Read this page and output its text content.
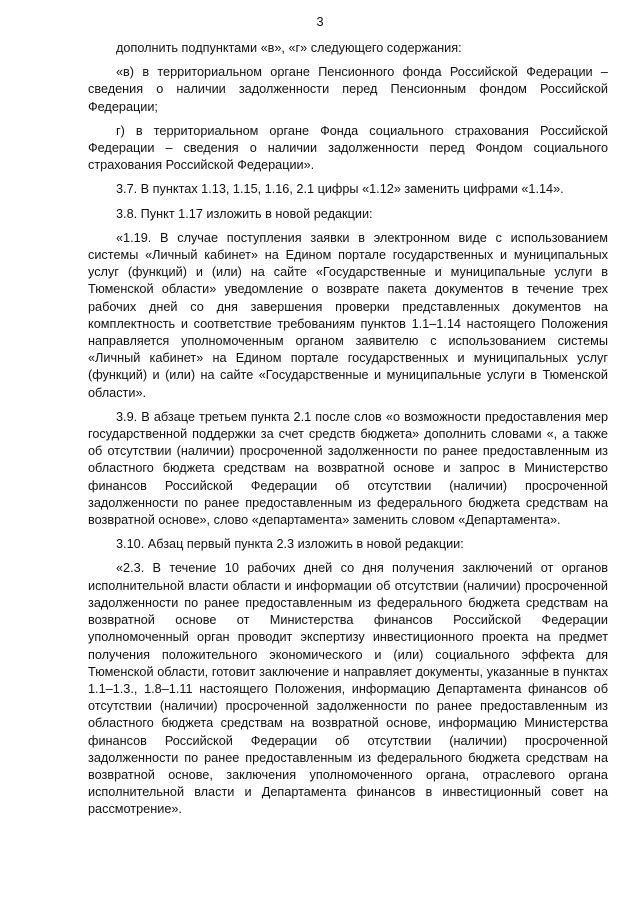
3

дополнить подпунктами «в», «г» следующего содержания:

«в) в территориальном органе Пенсионного фонда Российской Федерации – сведения о наличии задолженности перед Пенсионным фондом Российской Федерации;

г) в территориальном органе Фонда социального страхования Российской Федерации – сведения о наличии задолженности перед Фондом социального страхования Российской Федерации».

3.7. В пунктах 1.13, 1.15, 1.16, 2.1 цифры «1.12» заменить цифрами «1.14».

3.8. Пункт 1.17 изложить в новой редакции:

«1.19. В случае поступления заявки в электронном виде с использованием системы «Личный кабинет» на Едином портале государственных и муниципальных услуг (функций) и (или) на сайте «Государственные и муниципальные услуги в Тюменской области» уведомление о возврате пакета документов в течение трех рабочих дней со дня завершения проверки представленных документов на комплектность и соответствие требованиям пунктов 1.1–1.14 настоящего Положения направляется уполномоченным органом заявителю с использованием системы «Личный кабинет» на Едином портале государственных и муниципальных услуг (функций) и (или) на сайте «Государственные и муниципальные услуги в Тюменской области».

3.9. В абзаце третьем пункта 2.1 после слов «о возможности предоставления мер государственной поддержки за счет средств бюджета» дополнить словами «, а также об отсутствии (наличии) просроченной задолженности по ранее предоставленным из областного бюджета средствам на возвратной основе и запрос в Министерство финансов Российской Федерации об отсутствии (наличии) просроченной задолженности по ранее предоставленным из федерального бюджета средствам на возвратной основе», слово «департамента» заменить словом «Департамента».

3.10. Абзац первый пункта 2.3 изложить в новой редакции:

«2.3. В течение 10 рабочих дней со дня получения заключений от органов исполнительной власти области и информации об отсутствии (наличии) просроченной задолженности по ранее предоставленным из федерального бюджета средствам на возвратной основе от Министерства финансов Российской Федерации уполномоченный орган проводит экспертизу инвестиционного проекта на предмет получения положительного экономического и (или) социального эффекта для Тюменской области, готовит заключение и направляет документы, указанные в пунктах 1.1–1.3., 1.8–1.11 настоящего Положения, информацию Департамента финансов об отсутствии (наличии) просроченной задолженности по ранее предоставленным из областного бюджета средствам на возвратной основе, информацию Министерства финансов Российской Федерации об отсутствии (наличии) просроченной задолженности по ранее предоставленным из федерального бюджета средствам на возвратной основе, заключения уполномоченного органа, отраслевого органа исполнительной власти и Департамента финансов в инвестиционный совет на рассмотрение».
